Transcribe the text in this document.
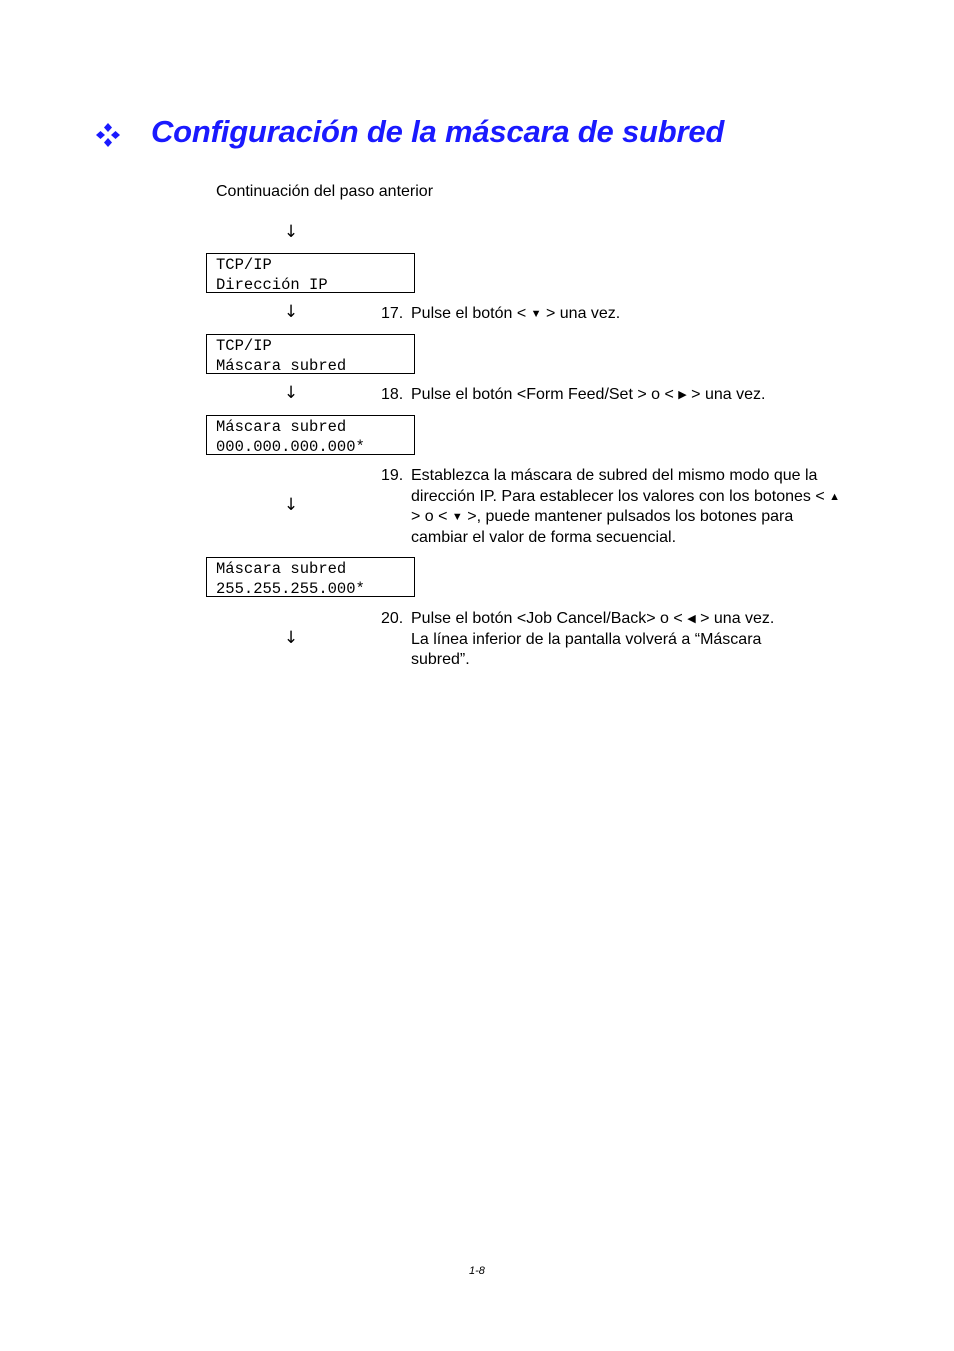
Configuración de la máscara de subred
Continuación del paso anterior
↓
↓
↓
↓
↓
TCP/IP
Dirección IP
TCP/IP
Máscara subred
Máscara subred
000.000.000.000*
Máscara subred
255.255.255.000*
17. Pulse el botón < ▼ > una vez.
18. Pulse el botón <Form Feed/Set > o < ▶ > una vez.
19. Establezca la máscara de subred del mismo modo que la dirección IP. Para establecer los valores con los botones < ▲ > o < ▼ >, puede mantener pulsados los botones para cambiar el valor de forma secuencial.
20. Pulse el botón <Job Cancel/Back> o < ◀ > una vez.

La línea inferior de la pantalla volverá a “Máscara subred”.

1-8
